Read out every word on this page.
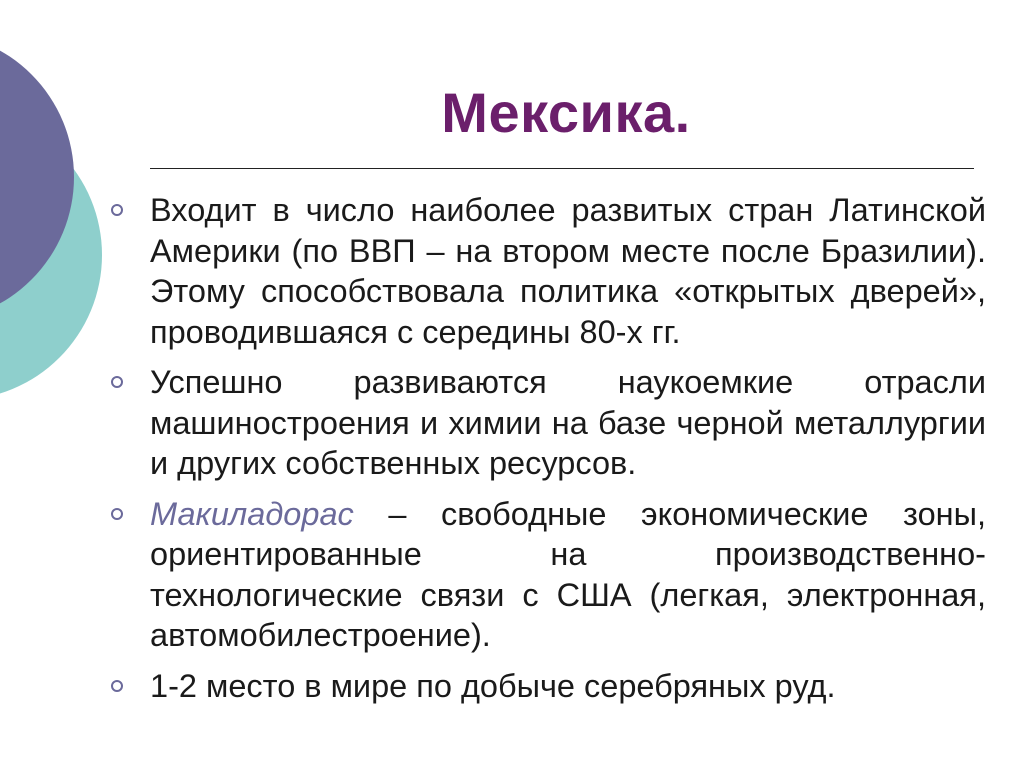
Мексика.
Входит в число наиболее развитых стран Латинской Америки (по ВВП – на втором месте после Бразилии). Этому способствовала политика «открытых дверей», проводившаяся с середины 80-х гг.
Успешно развиваются наукоемкие отрасли машиностроения и химии на базе черной металлургии и других собственных ресурсов.
Макиладорас – свободные экономические зоны, ориентированные на производственно-технологические связи с США (легкая, электронная, автомобилестроение).
1-2 место в мире по добыче серебряных руд.
